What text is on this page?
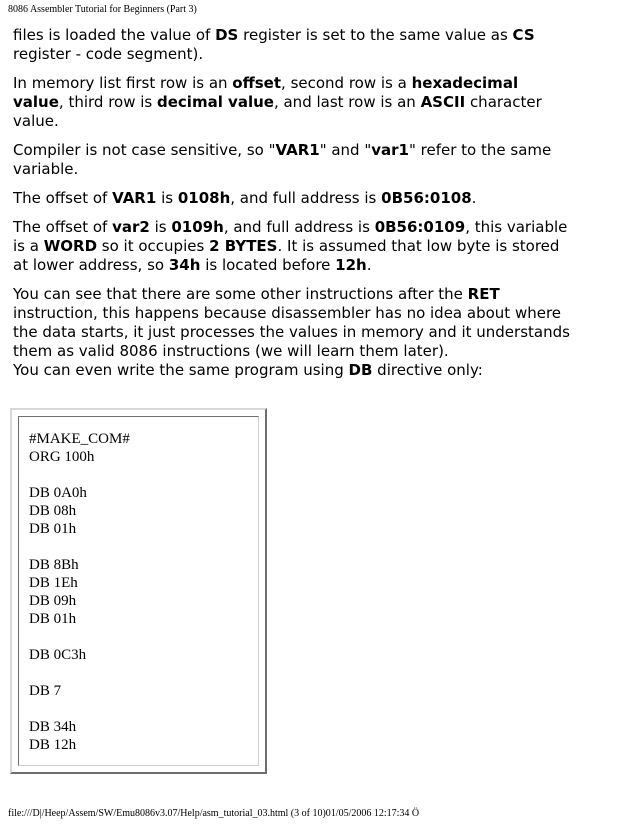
8086 Assembler Tutorial for Beginners (Part 3)

files is loaded the value of DS register is set to the same value as CS register - code segment).

In memory list first row is an offset, second row is a hexadecimal value, third row is decimal value, and last row is an ASCII character value.

Compiler is not case sensitive, so "VAR1" and "var1" refer to the same variable.

The offset of VAR1 is 0108h, and full address is 0B56:0108.

The offset of var2 is 0109h, and full address is 0B56:0109, this variable is a WORD so it occupies 2 BYTES. It is assumed that low byte is stored at lower address, so 34h is located before 12h.

You can see that there are some other instructions after the RET instruction, this happens because disassembler has no idea about where the data starts, it just processes the values in memory and it understands them as valid 8086 instructions (we will learn them later).

You can even write the same program using DB directive only:

#MAKE_COM#
ORG 100h
DB 0A0h
DB 08h
DB 01h
DB 8Bh
DB 1Eh
DB 09h
DB 01h
DB 0C3h
DB 7
DB 34h
DB 12h
file:///D|/Heep/Assem/SW/Emu8086v3.07/Help/asm_tutorial_03.html (3 of 10)01/05/2006 12:17:34 Ö
